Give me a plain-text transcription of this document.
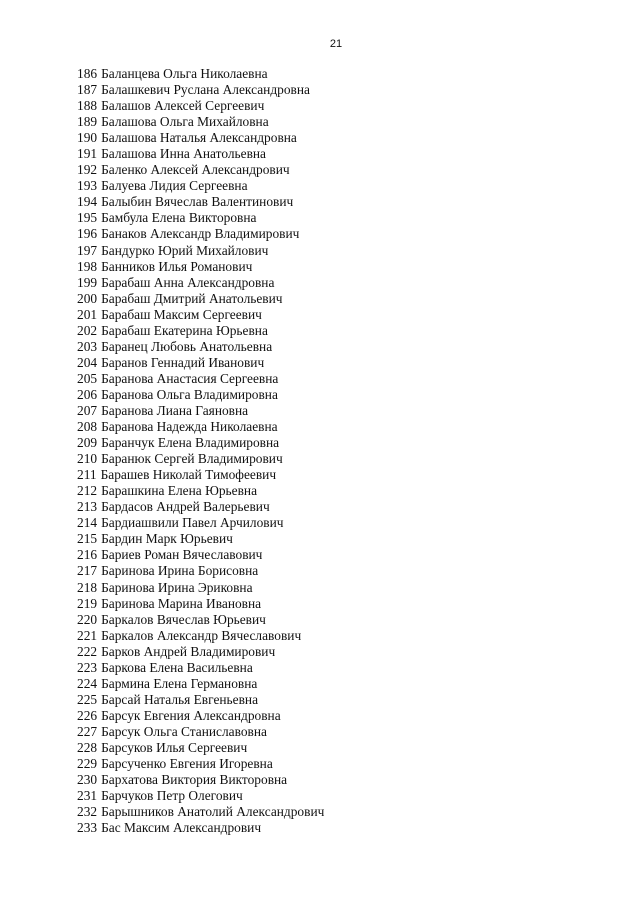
21
186 Баланцева Ольга Николаевна
187 Балашкевич Руслана Александровна
188 Балашов Алексей Сергеевич
189 Балашова Ольга Михайловна
190 Балашова Наталья Александровна
191 Балашова Инна Анатольевна
192 Баленко Алексей Александрович
193 Балуева Лидия Сергеевна
194 Балыбин Вячеслав Валентинович
195 Бамбула Елена Викторовна
196 Банаков Александр Владимирович
197 Бандурко Юрий Михайлович
198 Банников Илья Романович
199 Барабаш Анна Александровна
200 Барабаш Дмитрий Анатольевич
201 Барабаш Максим Сергеевич
202 Барабаш Екатерина Юрьевна
203 Баранец Любовь Анатольевна
204 Баранов Геннадий Иванович
205 Баранова Анастасия Сергеевна
206 Баранова Ольга Владимировна
207 Баранова Лиана Гаяновна
208 Баранова Надежда Николаевна
209 Баранчук Елена Владимировна
210 Баранюк Сергей Владимирович
211 Барашев Николай Тимофеевич
212 Барашкина Елена Юрьевна
213 Бардасов Андрей Валерьевич
214 Бардиашвили Павел Арчилович
215 Бардин Марк Юрьевич
216 Бариев Роман Вячеславович
217 Баринова Ирина Борисовна
218 Баринова Ирина Эриковна
219 Баринова Марина Ивановна
220 Баркалов Вячеслав Юрьевич
221 Баркалов Александр Вячеславович
222 Барков Андрей Владимирович
223 Баркова Елена Васильевна
224 Бармина Елена Германовна
225 Барсай Наталья Евгеньевна
226 Барсук Евгения Александровна
227 Барсук Ольга Станиславовна
228 Барсуков Илья Сергеевич
229 Барсученко Евгения Игоревна
230 Бархатова Виктория Викторовна
231 Барчуков Петр Олегович
232 Барышников Анатолий Александрович
233 Бас Максим Александрович
